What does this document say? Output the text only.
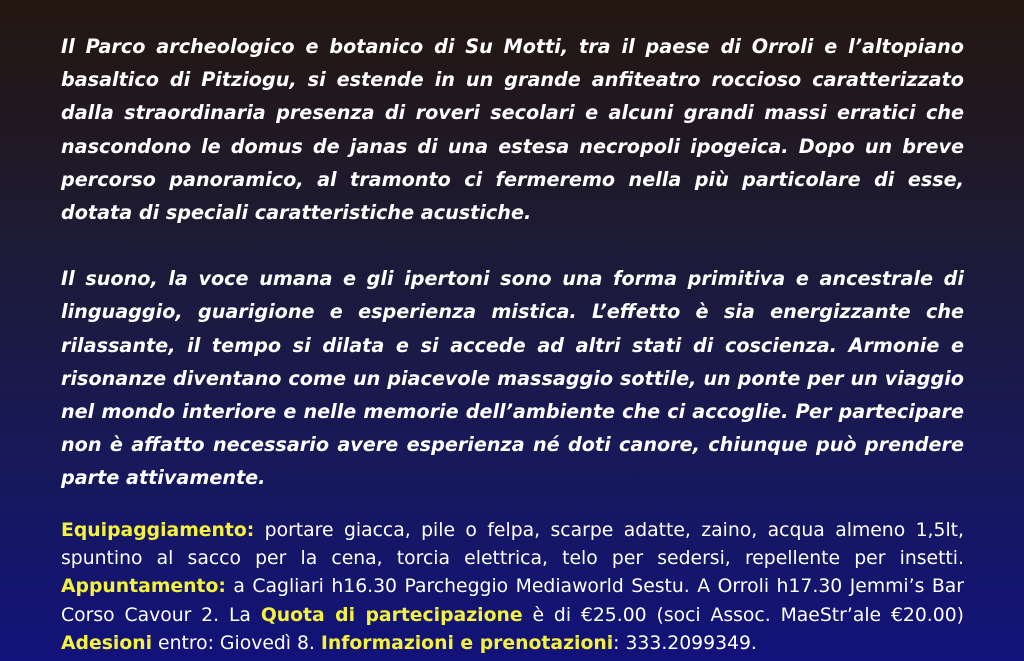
Il Parco archeologico e botanico di Su Motti, tra il paese di Orroli e l’altopiano basaltico di Pitziogu, si estende in un grande anfiteatro roccioso caratterizzato dalla straordinaria presenza di roveri secolari e alcuni grandi massi erratici che nascondono le domus de janas di una estesa necropoli ipogeica. Dopo un breve percorso panoramico, al tramonto ci fermeremo nella più particolare di esse, dotata di speciali caratteristiche acustiche.

Il suono, la voce umana e gli ipertoni sono una forma primitiva e ancestrale di linguaggio, guarigione e esperienza mistica. L’effetto è sia energizzante che rilassante, il tempo si dilata e si accede ad altri stati di coscienza. Armonie e risonanze diventano come un piacevole massaggio sottile, un ponte per un viaggio nel mondo interiore e nelle memorie dell’ambiente che ci accoglie. Per partecipare non è affatto necessario avere esperienza né doti canore, chiunque può prendere parte attivamente.

Equipaggiamento: portare giacca, pile o felpa, scarpe adatte, zaino, acqua almeno 1,5lt, spuntino al sacco per la cena, torcia elettrica, telo per sedersi, repellente per insetti. Appuntamento: a Cagliari h16.30 Parcheggio Mediaworld Sestu. A Orroli h17.30 Jemmi’s Bar Corso Cavour 2. La Quota di partecipazione è di €25.00 (soci Assoc. MaeStr’ale €20.00) Adesioni entro: Giovedì 8. Informazioni e prenotazioni: 333.2099349.
